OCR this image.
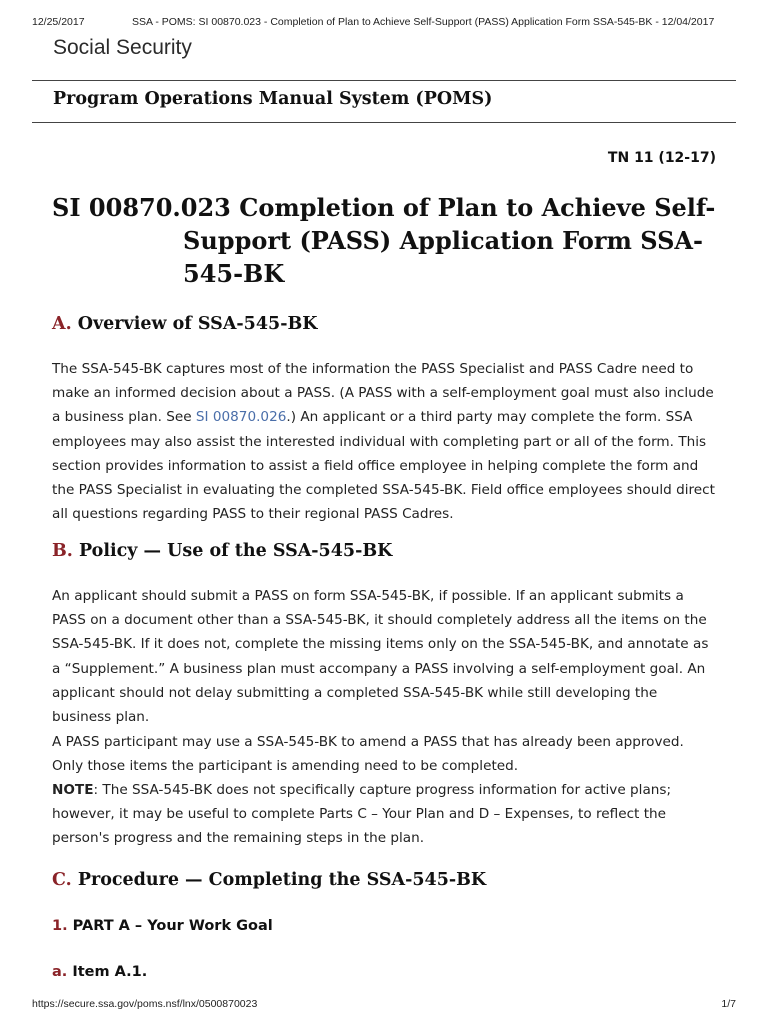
12/25/2017	SSA - POMS: SI 00870.023 - Completion of Plan to Achieve Self-Support (PASS) Application Form SSA-545-BK - 12/04/2017
Social Security
Program Operations Manual System (POMS)
TN 11 (12-17)
SI 00870.023 Completion of Plan to Achieve Self-
Support (PASS) Application Form SSA-
545-BK
A. Overview of SSA-545-BK
The SSA-545-BK captures most of the information the PASS Specialist and PASS Cadre need to make an informed decision about a PASS. (A PASS with a self-employment goal must also include a business plan. See SI 00870.026.) An applicant or a third party may complete the form. SSA employees may also assist the interested individual with completing part or all of the form. This section provides information to assist a field office employee in helping complete the form and the PASS Specialist in evaluating the completed SSA-545-BK. Field office employees should direct all questions regarding PASS to their regional PASS Cadres.
B. Policy — Use of the SSA-545-BK
An applicant should submit a PASS on form SSA-545-BK, if possible. If an applicant submits a PASS on a document other than a SSA-545-BK, it should completely address all the items on the SSA-545-BK. If it does not, complete the missing items only on the SSA-545-BK, and annotate as a “Supplement.” A business plan must accompany a PASS involving a self-employment goal. An applicant should not delay submitting a completed SSA-545-BK while still developing the business plan.
A PASS participant may use a SSA-545-BK to amend a PASS that has already been approved. Only those items the participant is amending need to be completed.
NOTE: The SSA-545-BK does not specifically capture progress information for active plans; however, it may be useful to complete Parts C – Your Plan and D – Expenses, to reflect the person's progress and the remaining steps in the plan.
C. Procedure — Completing the SSA-545-BK
1. PART A – Your Work Goal
a. Item A.1.
https://secure.ssa.gov/poms.nsf/lnx/0500870023	1/7
